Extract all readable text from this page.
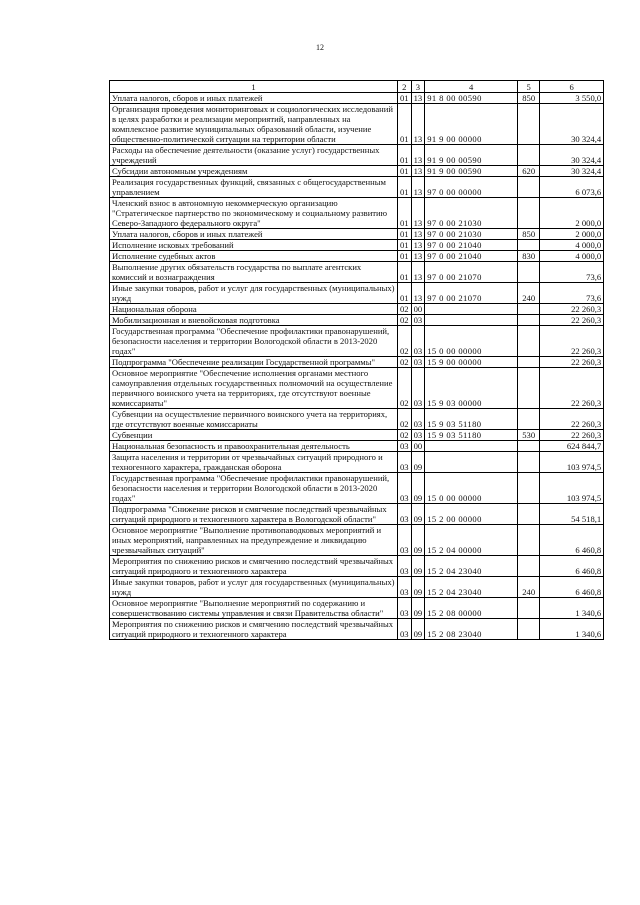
12
1	2	3	4	5	6
Уплата налогов, сборов и иных платежей	01	13	91 8 00 00590	850	3 550,0
Организация проведения мониторинговых и социологических исследований в целях разработки и реализации мероприятий, направленных на комплексное развитие муниципальных образований области, изучение общественно-политической ситуации на территории области	01	13	91 9 00 00000		30 324,4
Расходы на обеспечение деятельности (оказание услуг) государственных учреждений	01	13	91 9 00 00590		30 324,4
Субсидии автономным учреждениям	01	13	91 9 00 00590	620	30 324,4
Реализация государственных функций, связанных с общегосударственным управлением	01	13	97 0 00 00000		6 073,6
Членский взнос в автономную некоммерческую организацию "Стратегическое партнерство по экономическому и социальному развитию Северо-Западного федерального округа"	01	13	97 0 00 21030		2 000,0
Уплата налогов, сборов и иных платежей	01	13	97 0 00 21030	850	2 000,0
Исполнение исковых требований	01	13	97 0 00 21040		4 000,0
Исполнение судебных актов	01	13	97 0 00 21040	830	4 000,0
Выполнение других обязательств государства по выплате агентских комиссий и вознаграждения	01	13	97 0 00 21070		73,6
Иные закупки товаров, работ и услуг для государственных (муниципальных) нужд	01	13	97 0 00 21070	240	73,6
Национальная оборона	02	00			22 260,3
Мобилизационная и вневойсковая подготовка	02	03			22 260,3
Государственная программа "Обеспечение профилактики правонарушений, безопасности населения и территории Вологодской области в 2013-2020 годах"	02	03	15 0 00 00000		22 260,3
Подпрограмма "Обеспечение реализации Государственной программы"	02	03	15 9 00 00000		22 260,3
Основное мероприятие "Обеспечение исполнения органами местного самоуправления отдельных государственных полномочий на осуществление первичного воинского учета на территориях, где отсутствуют военные комиссариаты"	02	03	15 9 03 00000		22 260,3
Субвенции на осуществление первичного воинского учета на территориях, где отсутствуют военные комиссариаты	02	03	15 9 03 51180		22 260,3
Субвенции	02	03	15 9 03 51180	530	22 260,3
Национальная безопасность и правоохранительная деятельность	03	00			624 844,7
Защита населения и территории от чрезвычайных ситуаций природного и техногенного характера, гражданская оборона	03	09			103 974,5
Государственная программа "Обеспечение профилактики правонарушений, безопасности населения и территории Вологодской области в 2013-2020 годах"	03	09	15 0 00 00000		103 974,5
Подпрограмма "Снижение рисков и смягчение последствий чрезвычайных ситуаций природного и техногенного характера в Вологодской области"	03	09	15 2 00 00000		54 518,1
Основное мероприятие "Выполнение противопаводковых мероприятий и иных мероприятий, направленных на предупреждение и ликвидацию чрезвычайных ситуаций"	03	09	15 2 04 00000		6 460,8
Мероприятия по снижению рисков и смягчению последствий чрезвычайных ситуаций природного и техногенного характера	03	09	15 2 04 23040		6 460,8
Иные закупки товаров, работ и услуг для государственных (муниципальных) нужд	03	09	15 2 04 23040	240	6 460,8
Основное мероприятие "Выполнение мероприятий по содержанию и совершенствованию системы управления и связи Правительства области"	03	09	15 2 08 00000		1 340,6
Мероприятия по снижению рисков и смягчению последствий чрезвычайных ситуаций природного и техногенного характера	03	09	15 2 08 23040		1 340,6
